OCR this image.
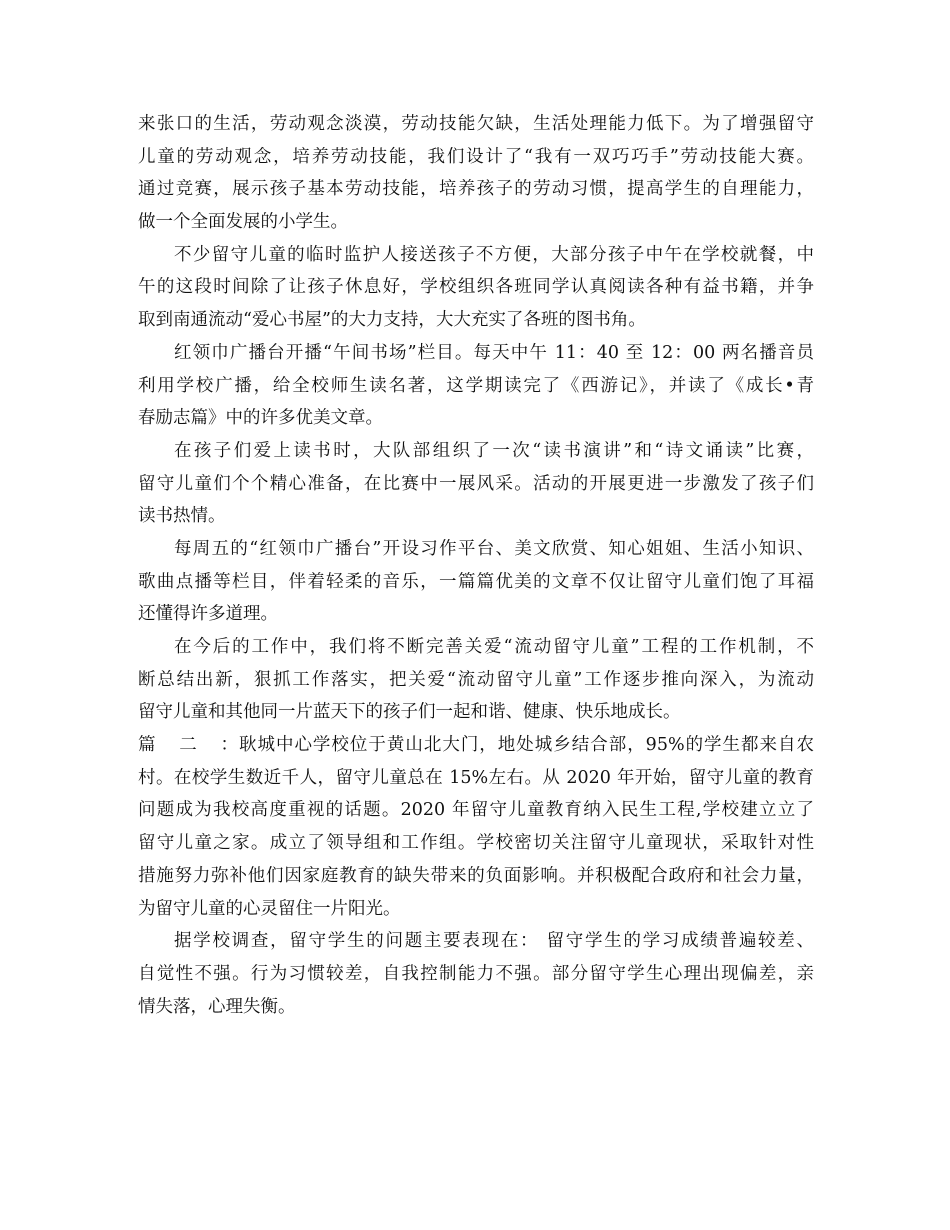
来张口的生活，劳动观念淡漠，劳动技能欠缺，生活处理能力低下。为了增强留守
儿童的劳动观念，培养劳动技能，我们设计了“我有一双巧巧手”劳动技能大赛。
通过竞赛，展示孩子基本劳动技能，培养孩子的劳动习惯，提高学生的自理能力，
做一个全面发展的小学生。
不少留守儿童的临时监护人接送孩子不方便，大部分孩子中午在学校就餐，中
午的这段时间除了让孩子休息好，学校组织各班同学认真阅读各种有益书籍，并争
取到南通流动“爱心书屋”的大力支持，大大充实了各班的图书角。
红领巾广播台开播“午间书场”栏目。每天中午 11：40 至 12：00 两名播音员
利用学校广播，给全校师生读名著，这学期读完了《西游记》，并读了《成长•青
春励志篇》中的许多优美文章。
在孩子们爱上读书时，大队部组织了一次“读书演讲”和“诗文诵读”比赛，
留守儿童们个个精心准备，在比赛中一展风采。活动的开展更进一步激发了孩子们
读书热情。
每周五的“红领巾广播台”开设习作平台、美文欣赏、知心姐姐、生活小知识、
歌曲点播等栏目，伴着轻柔的音乐，一篇篇优美的文章不仅让留守儿童们饱了耳福
还懂得许多道理。
在今后的工作中，我们将不断完善关爱“流动留守儿童”工程的工作机制，不
断总结出新，狠抓工作落实，把关爱“流动留守儿童”工作逐步推向深入，为流动
留守儿童和其他同一片蓝天下的孩子们一起和谐、健康、快乐地成长。
篇二：耿城中心学校位于黄山北大门，地处城乡结合部，95%的学生都来自农
村。在校学生数近千人，留守儿童总在 15%左右。从 2020 年开始，留守儿童的教育
问题成为我校高度重视的话题。2020 年留守儿童教育纳入民生工程,学校建立立了
留守儿童之家。成立了领导组和工作组。学校密切关注留守儿童现状，采取针对性
措施努力弥补他们因家庭教育的缺失带来的负面影响。并积极配合政府和社会力量，
为留守儿童的心灵留住一片阳光。
据学校调查，留守学生的问题主要表现在： 留守学生的学习成绩普遍较差、
自觉性不强。行为习惯较差，自我控制能力不强。部分留守学生心理出现偏差，亲
情失落，心理失衡。
